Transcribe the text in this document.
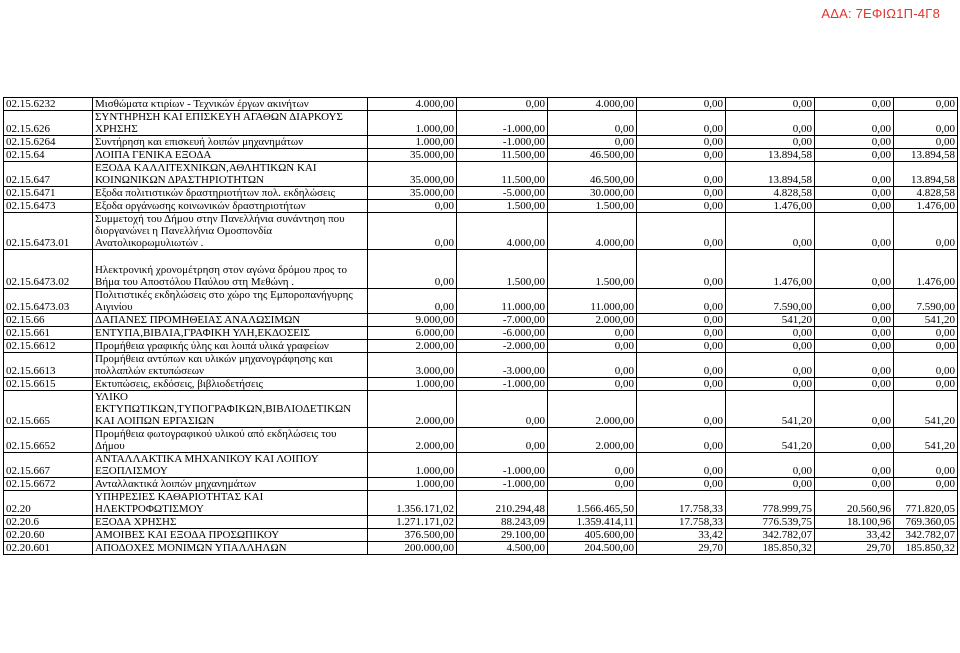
ΑΔΑ: 7ΕΦΙΩ1Π-4Γ8
02.15.6232	Μισθώματα κτιρίων - Τεχνικών έργων ακινήτων	4.000,00	0,00	4.000,00	0,00	0,00	0,00	0,00
02.15.626	ΣΥΝΤΗΡΗΣΗ ΚΑΙ ΕΠΙΣΚΕΥΗ ΑΓΑΘΩΝ ΔΙΑΡΚΟΥΣ ΧΡΗΣΗΣ	1.000,00	-1.000,00	0,00	0,00	0,00	0,00	0,00
02.15.6264	Συντήρηση και επισκευή λοιπών μηχανημάτων	1.000,00	-1.000,00	0,00	0,00	0,00	0,00	0,00
02.15.64	ΛΟΙΠΑ ΓΕΝΙΚΑ ΕΞΟΔΑ	35.000,00	11.500,00	46.500,00	0,00	13.894,58	0,00	13.894,58
02.15.647	ΕΞΟΔΑ ΚΑΛΛΙΤΕΧΝΙΚΩΝ,ΑΘΛΗΤΙΚΩΝ ΚΑΙ ΚΟΙΝΩΝΙΚΩΝ ΔΡΑΣΤΗΡΙΟΤΗΤΩΝ	35.000,00	11.500,00	46.500,00	0,00	13.894,58	0,00	13.894,58
02.15.6471	Εξοδα πολιτιστικών δραστηριοτήτων πολ. εκδηλώσεις	35.000,00	-5.000,00	30.000,00	0,00	4.828,58	0,00	4.828,58
02.15.6473	Εξοδα οργάνωσης κοινωνικών δραστηριοτήτων	0,00	1.500,00	1.500,00	0,00	1.476,00	0,00	1.476,00
02.15.6473.01	Συμμετοχή του Δήμου στην Πανελλήνια συνάντηση που διοργανώνει η Πανελλήνια Ομοσπονδία Ανατολικορωμυλιωτών .	0,00	4.000,00	4.000,00	0,00	0,00	0,00	0,00
02.15.6473.02	Ηλεκτρονική χρονομέτρηση στον αγώνα δρόμου προς το Βήμα του Αποστόλου Παύλου στη Μεθώνη .	0,00	1.500,00	1.500,00	0,00	1.476,00	0,00	1.476,00
02.15.6473.03	Πολιτιστικές εκδηλώσεις στο χώρο της Εμποροπανήγυρης Αιγινίου	0,00	11.000,00	11.000,00	0,00	7.590,00	0,00	7.590,00
02.15.66	ΔΑΠΑΝΕΣ ΠΡΟΜΗΘΕΙΑΣ ΑΝΑΛΩΣΙΜΩΝ	9.000,00	-7.000,00	2.000,00	0,00	541,20	0,00	541,20
02.15.661	ΕΝΤΥΠΑ,ΒΙΒΛΙΑ,ΓΡΑΦΙΚΗ ΥΛΗ,ΕΚΔΟΣΕΙΣ	6.000,00	-6.000,00	0,00	0,00	0,00	0,00	0,00
02.15.6612	Προμήθεια γραφικής ύλης και λοιπά υλικά γραφείων	2.000,00	-2.000,00	0,00	0,00	0,00	0,00	0,00
02.15.6613	Προμήθεια αντύπων και υλικών μηχανογράφησης και πολλαπλών εκτυπώσεων	3.000,00	-3.000,00	0,00	0,00	0,00	0,00	0,00
02.15.6615	Εκτυπώσεις, εκδόσεις, βιβλιοδετήσεις	1.000,00	-1.000,00	0,00	0,00	0,00	0,00	0,00
02.15.665	ΥΛΙΚΟ ΕΚΤΥΠΩΤΙΚΩΝ,ΤΥΠΟΓΡΑΦΙΚΩΝ,ΒΙΒΛΙΟΔΕΤΙΚΩΝ ΚΑΙ ΛΟΙΠΩΝ ΕΡΓΑΣΙΩΝ	2.000,00	0,00	2.000,00	0,00	541,20	0,00	541,20
02.15.6652	Προμήθεια φωτογραφικού υλικού από εκδηλώσεις του Δήμου	2.000,00	0,00	2.000,00	0,00	541,20	0,00	541,20
02.15.667	ΑΝΤΑΛΛΑΚΤΙΚΑ ΜΗΧΑΝΙΚΟΥ ΚΑΙ ΛΟΙΠΟΥ ΕΞΟΠΛΙΣΜΟΥ	1.000,00	-1.000,00	0,00	0,00	0,00	0,00	0,00
02.15.6672	Ανταλλακτικά λοιπών μηχανημάτων	1.000,00	-1.000,00	0,00	0,00	0,00	0,00	0,00
02.20	ΥΠΗΡΕΣΙΕΣ ΚΑΘΑΡΙΟΤΗΤΑΣ ΚΑΙ ΗΛΕΚΤΡΟΦΩΤΙΣΜΟΥ	1.356.171,02	210.294,48	1.566.465,50	17.758,33	778.999,75	20.560,96	771.820,05
02.20.6	ΕΞΟΔΑ ΧΡΗΣΗΣ	1.271.171,02	88.243,09	1.359.414,11	17.758,33	776.539,75	18.100,96	769.360,05
02.20.60	ΑΜΟΙΒΕΣ ΚΑΙ ΕΞΟΔΑ ΠΡΟΣΩΠΙΚΟΥ	376.500,00	29.100,00	405.600,00	33,42	342.782,07	33,42	342.782,07
02.20.601	ΑΠΟΔΟΧΕΣ ΜΟΝΙΜΩΝ ΥΠΑΛΛΗΛΩΝ	200.000,00	4.500,00	204.500,00	29,70	185.850,32	29,70	185.850,32
